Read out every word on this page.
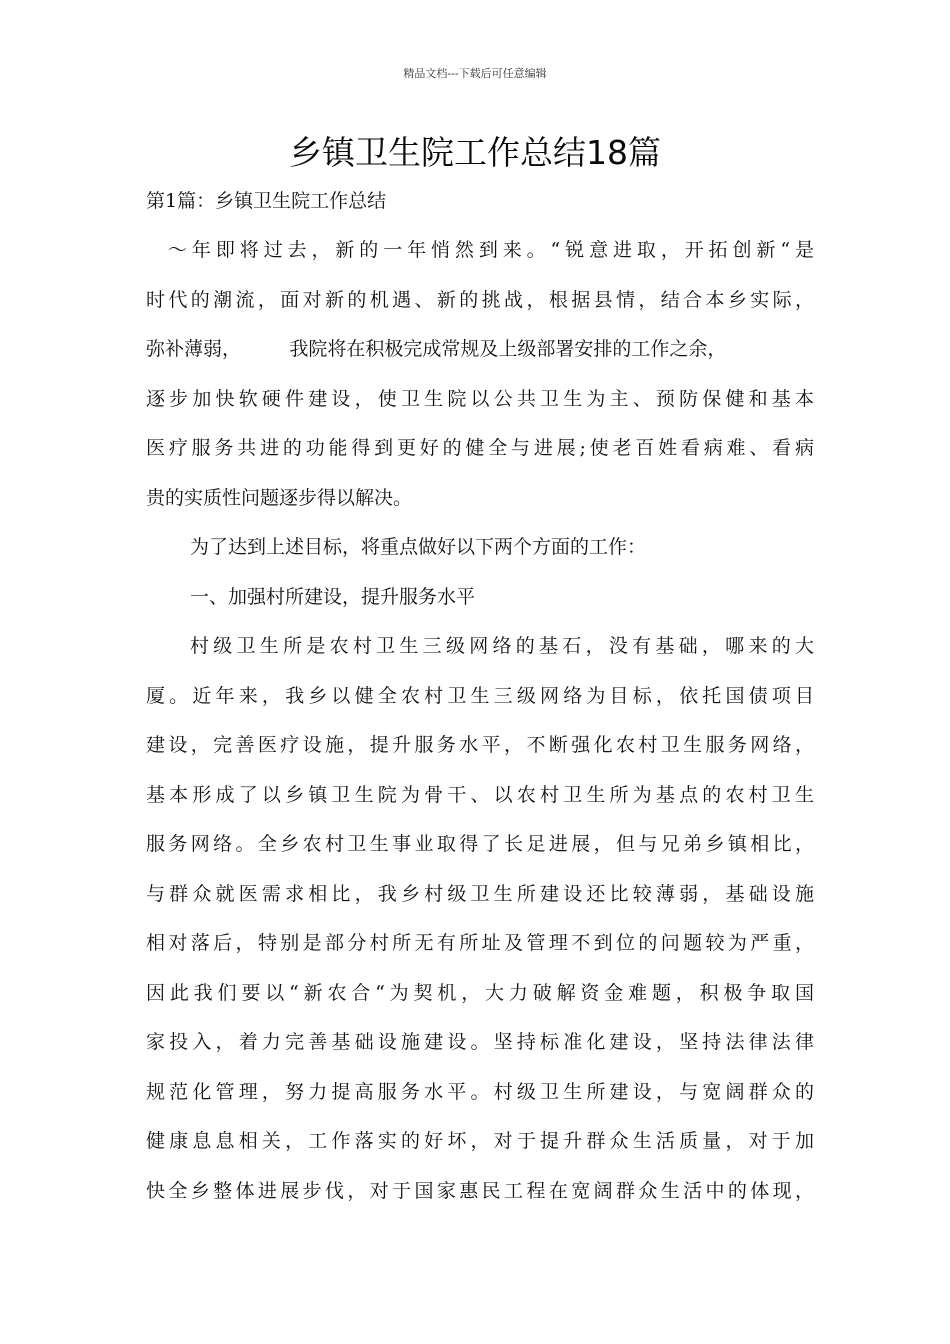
精品文档---下载后可任意编辑
乡镇卫生院工作总结18篇
第1篇：乡镇卫生院工作总结
～年即将过去，新的一年悄然到来。“锐意进取，开拓创新“是
时代的潮流，面对新的机遇、新的挑战，根据县情，结合本乡实际，
弥补薄弱，        我院将在积极完成常规及上级部署安排的工作之余，
逐步加快软硬件建设，使卫生院以公共卫生为主、预防保健和基本
医疗服务共进的功能得到更好的健全与进展;使老百姓看病难、看病
贵的实质性问题逐步得以解决。
为了达到上述目标，将重点做好以下两个方面的工作：
一、加强村所建设，提升服务水平
村级卫生所是农村卫生三级网络的基石，没有基础，哪来的大
厦。近年来，我乡以健全农村卫生三级网络为目标，依托国债项目
建设，完善医疗设施，提升服务水平，不断强化农村卫生服务网络，
基本形成了以乡镇卫生院为骨干、以农村卫生所为基点的农村卫生
服务网络。全乡农村卫生事业取得了长足进展，但与兄弟乡镇相比，
与群众就医需求相比，我乡村级卫生所建设还比较薄弱，基础设施
相对落后，特别是部分村所无有所址及管理不到位的问题较为严重，
因此我们要以“新农合“为契机，大力破解资金难题，积极争取国
家投入，着力完善基础设施建设。坚持标准化建设，坚持法律法律
规范化管理，努力提高服务水平。村级卫生所建设，与宽阔群众的
健康息息相关，工作落实的好坏，对于提升群众生活质量，对于加
快全乡整体进展步伐，对于国家惠民工程在宽阔群众生活中的体现，
